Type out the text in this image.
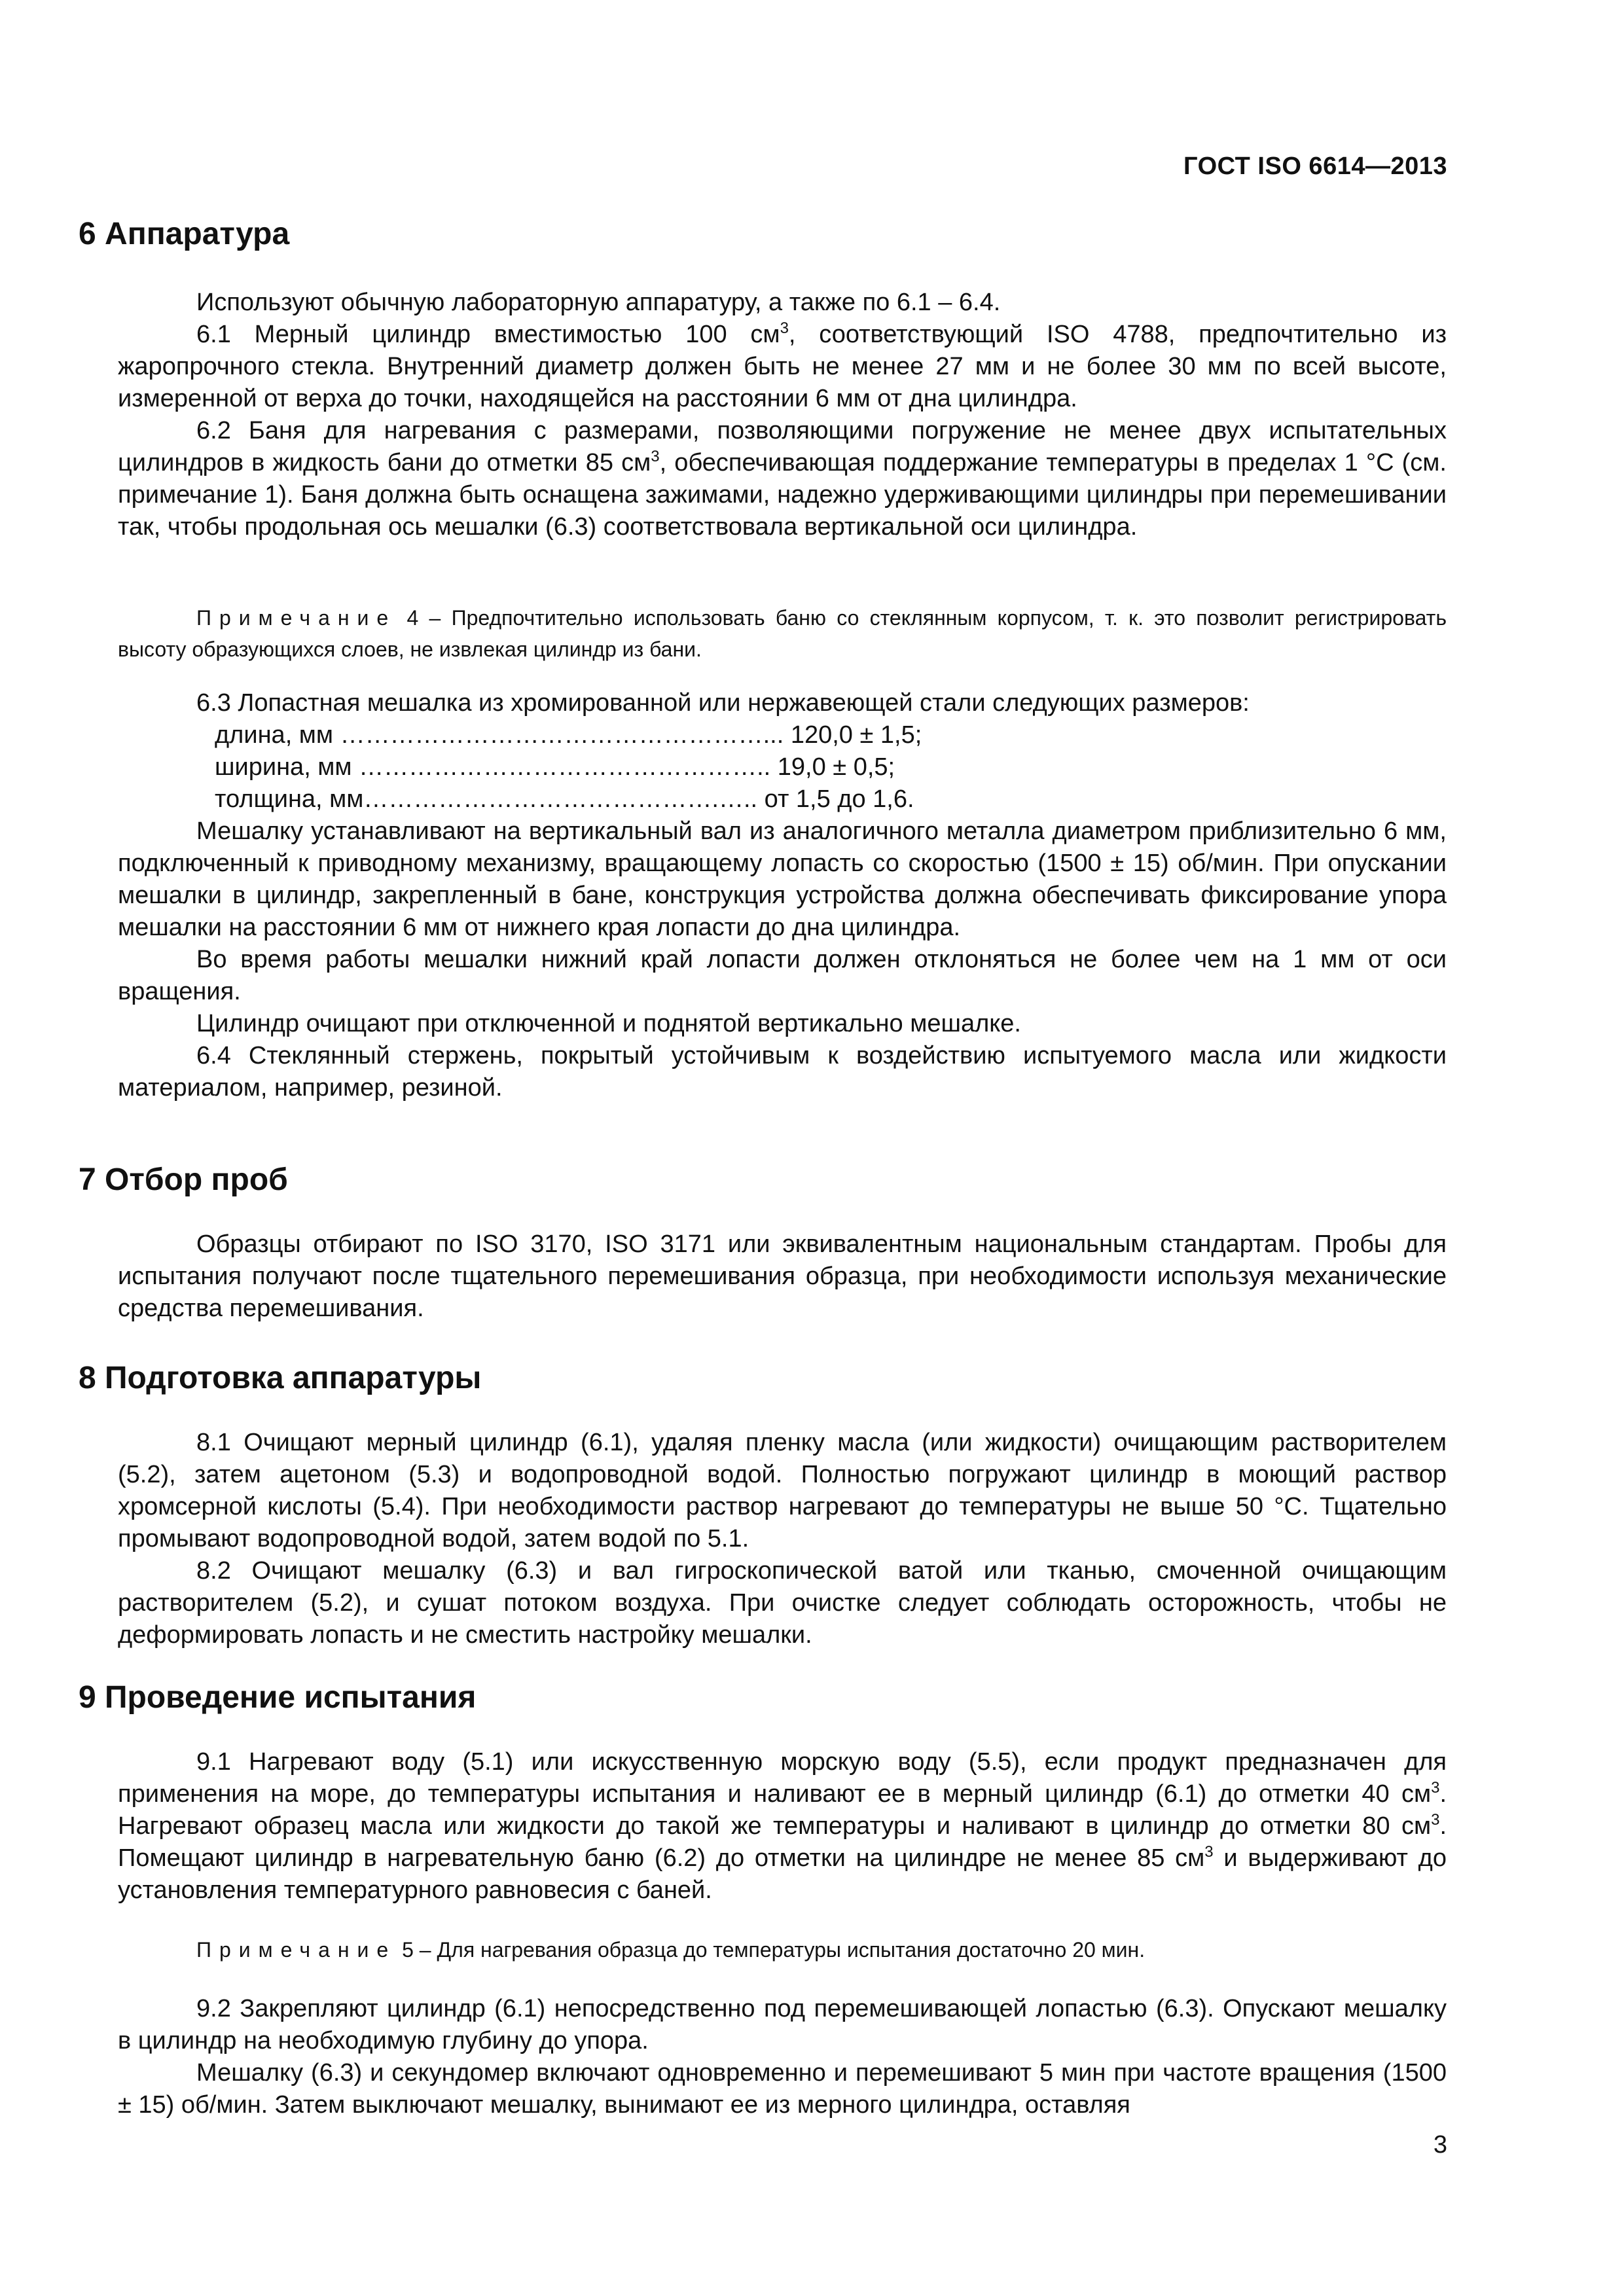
ГОСТ ISO 6614—2013
6 Аппаратура

Используют обычную лабораторную аппаратуру, а также по 6.1 – 6.4.

6.1 Мерный цилиндр вместимостью 100 $см^3$, соответствующий ISO 4788, предпочтительно из жаропрочного стекла. Внутренний диаметр должен быть не менее 27 мм и не более 30 мм по всей высоте, измеренной от верха до точки, находящейся на расстоянии 6 мм от дна цилиндра.

6.2 Баня для нагревания с размерами, позволяющими погружение не менее двух испытательных цилиндров в жидкость бани до отметки 85 $см^3$, обеспечивающая поддержание температуры в пределах 1 °С (см. примечание 1). Баня должна быть оснащена зажимами, надежно удерживающими цилиндры при перемешивании так, чтобы продольная ось мешалки (6.3) соответствовала вертикальной оси цилиндра.

Примечание 4 – Предпочтительно использовать баню со стеклянным корпусом, т. к. это позволит регистрировать высоту образующихся слоев, не извлекая цилиндр из бани.

6.3 Лопастная мешалка из хромированной или нержавеющей стали следующих размеров:

длина, мм ……………………………………………... 120,0 ± 1,5;

ширина, мм ………………………………………….. 19,0 ± 0,5;

толщина, мм…………………………………….….. от 1,5 до 1,6.

Мешалку устанавливают на вертикальный вал из аналогичного металла диаметром приблизительно 6 мм, подключенный к приводному механизму, вращающему лопасть со скоростью (1500 ± 15) об/мин. При опускании мешалки в цилиндр, закрепленный в бане, конструкция устройства должна обеспечивать фиксирование упора мешалки на расстоянии 6 мм от нижнего края лопасти до дна цилиндра.

Во время работы мешалки нижний край лопасти должен отклоняться не более чем на 1 мм от оси вращения.

Цилиндр очищают при отключенной и поднятой вертикально мешалке.

6.4 Стеклянный стержень, покрытый устойчивым к воздействию испытуемого масла или жидкости материалом, например, резиной.

7 Отбор проб

Образцы отбирают по ISO 3170, ISO 3171 или эквивалентным национальным стандартам. Пробы для испытания получают после тщательного перемешивания образца, при необходимости используя механические средства перемешивания.

8 Подготовка аппаратуры

8.1 Очищают мерный цилиндр (6.1), удаляя пленку масла (или жидкости) очищающим растворителем (5.2), затем ацетоном (5.3) и водопроводной водой. Полностью погружают цилиндр в моющий раствор хромсерной кислоты (5.4). При необходимости раствор нагревают до температуры не выше 50 °С. Тщательно промывают водопроводной водой, затем водой по 5.1.

8.2 Очищают мешалку (6.3) и вал гигроскопической ватой или тканью, смоченной очищающим растворителем (5.2), и сушат потоком воздуха. При очистке следует соблюдать осторожность, чтобы не деформировать лопасть и не сместить настройку мешалки.

9 Проведение испытания

9.1 Нагревают воду (5.1) или искусственную морскую воду (5.5), если продукт предназначен для применения на море, до температуры испытания и наливают ее в мерный цилиндр (6.1) до отметки 40 $см^3$. Нагревают образец масла или жидкости до такой же температуры и наливают в цилиндр до отметки 80 $см^3$. Помещают цилиндр в нагревательную баню (6.2) до отметки на цилиндре не менее 85 $см^3$ и выдерживают до установления температурного равновесия с баней.

Примечание 5 – Для нагревания образца до температуры испытания достаточно 20 мин.

9.2 Закрепляют цилиндр (6.1) непосредственно под перемешивающей лопастью (6.3). Опускают мешалку в цилиндр на необходимую глубину до упора.

Мешалку (6.3) и секундомер включают одновременно и перемешивают 5 мин при частоте вращения (1500 ± 15) об/мин. Затем выключают мешалку, вынимают ее из мерного цилиндра, оставляя

3
